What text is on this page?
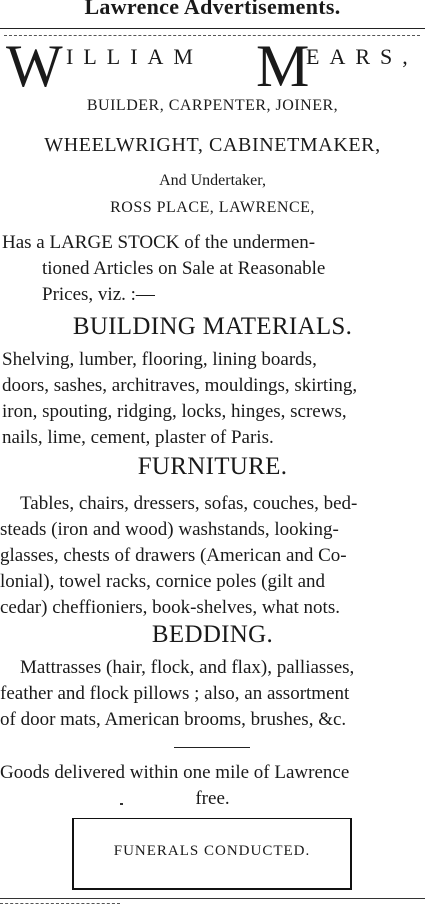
Lawrence Advertisements.
W ILLIAM M
EARS,
BUILDER, CARPENTER, JOINER,
WHEELWRIGHT, CABINETMAKER,
And Undertaker,
ROSS PLACE, LAWRENCE,
Has a LARGE STOCK of the undermen-
tioned Articles on Sale at Reasonable
Prices, viz. :—
BUILDING MATERIALS.
Shelving, lumber, flooring, lining boards,
doors, sashes, architraves, mouldings, skirting,
iron, spouting, ridging, locks, hinges, screws,
nails, lime, cement, plaster of Paris.
FURNITURE.
Tables, chairs, dressers, sofas, couches, bed-
steads (iron and wood) washstands, looking-
glasses, chests of drawers (American and Co-
lonial), towel racks, cornice poles (gilt and
cedar) cheffioniers, book-shelves, what nots.
BEDDING.
Mattrasses (hair, flock, and flax), palliasses,
feather and flock pillows ; also, an assortment
of door mats, American brooms, brushes, &c.
Goods delivered within one mile of Lawrence
free.
FUNERALS CONDUCTED.
